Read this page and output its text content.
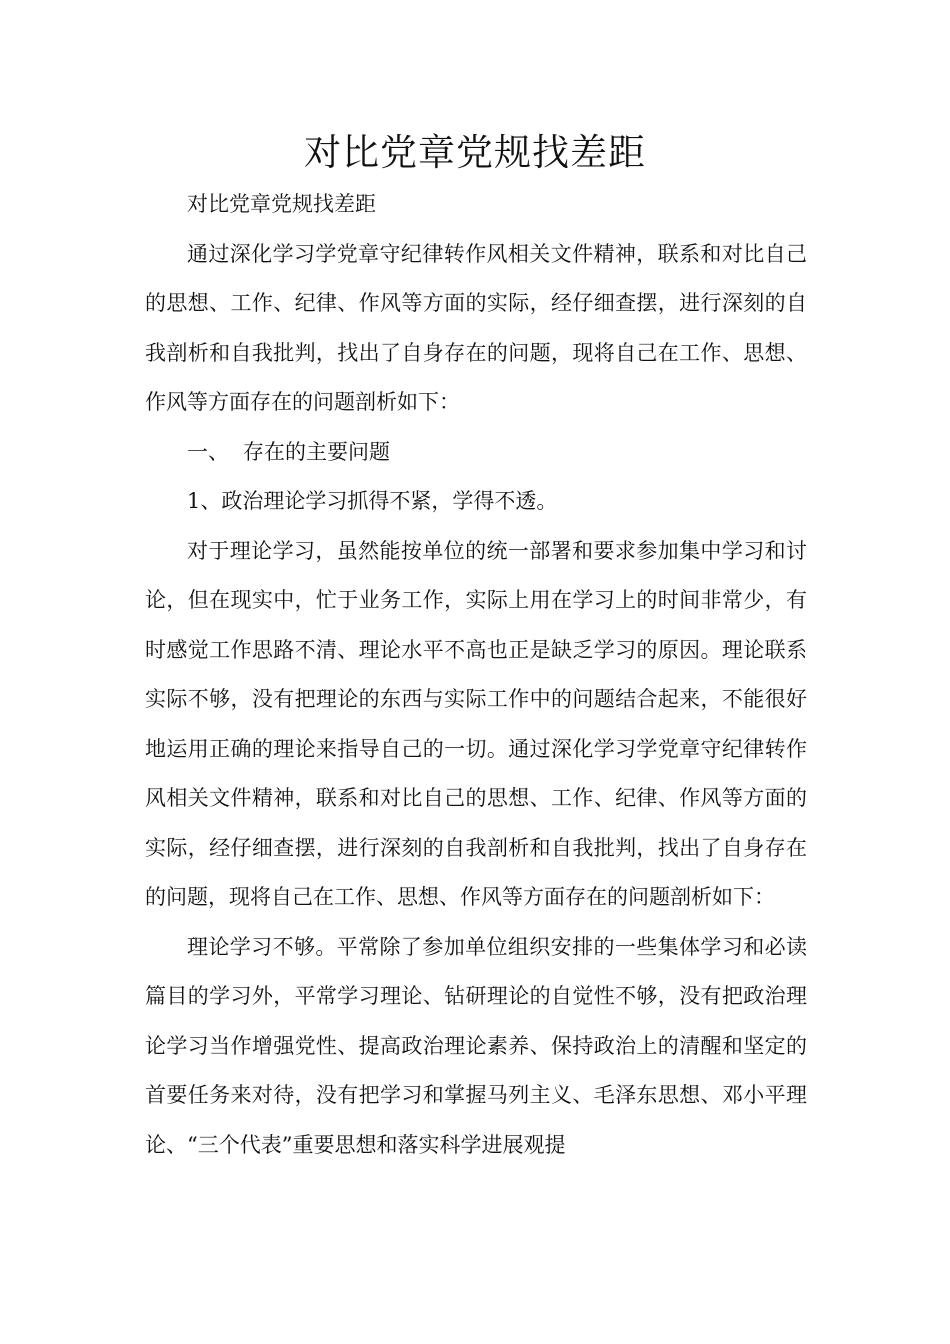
对比党章党规找差距

对比党章党规找差距

通过深化学习学党章守纪律转作风相关文件精神，联系和对比自己的思想、工作、纪律、作风等方面的实际，经仔细查摆，进行深刻的自我剖析和自我批判，找出了自身存在的问题，现将自己在工作、思想、作风等方面存在的问题剖析如下：

一、 存在的主要问题

1、政治理论学习抓得不紧，学得不透。

对于理论学习，虽然能按单位的统一部署和要求参加集中学习和讨论，但在现实中，忙于业务工作，实际上用在学习上的时间非常少，有时感觉工作思路不清、理论水平不高也正是缺乏学习的原因。理论联系实际不够，没有把理论的东西与实际工作中的问题结合起来，不能很好地运用正确的理论来指导自己的一切。通过深化学习学党章守纪律转作风相关文件精神，联系和对比自己的思想、工作、纪律、作风等方面的实际，经仔细查摆，进行深刻的自我剖析和自我批判，找出了自身存在的问题，现将自己在工作、思想、作风等方面存在的问题剖析如下：

理论学习不够。平常除了参加单位组织安排的一些集体学习和必读篇目的学习外，平常学习理论、钻研理论的自觉性不够，没有把政治理论学习当作增强党性、提高政治理论素养、保持政治上的清醒和坚定的首要任务来对待，没有把学习和掌握马列主义、毛泽东思想、邓小平理论、“三个代表”重要思想和落实科学进展观提
